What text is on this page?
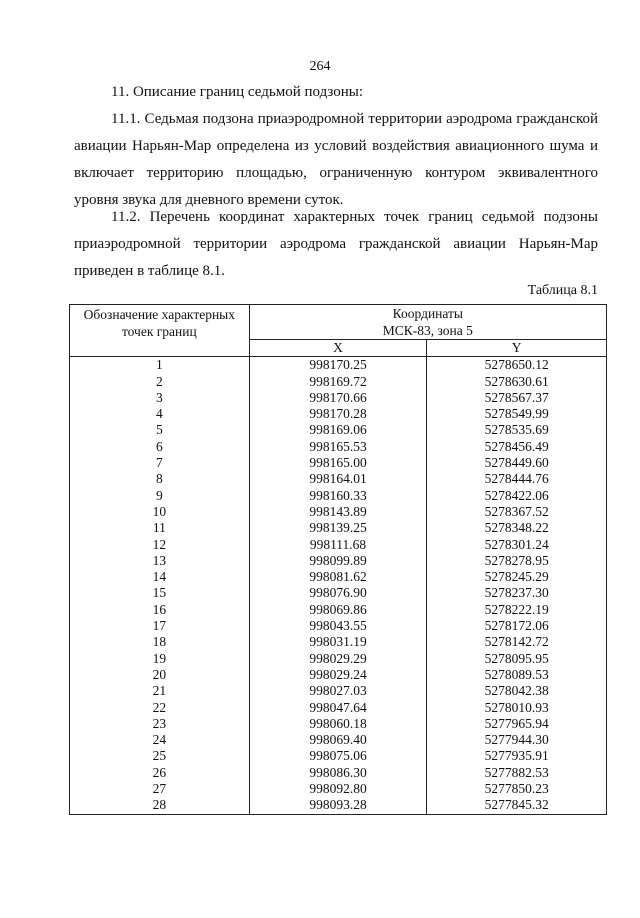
264

11. Описание границ седьмой подзоны:

11.1. Седьмая подзона приаэродромной территории аэродрома гражданской авиации Нарьян-Мар определена из условий воздействия авиационного шума и включает территорию площадью, ограниченную контуром эквивалентного уровня звука для дневного времени суток.

11.2. Перечень координат характерных точек границ седьмой подзоны приаэродромной территории аэродрома гражданской авиации Нарьян-Мар приведен в таблице 8.1.

Таблица 8.1
Обозначение характерных точек границ	Координаты
МСК-83, зона 5	

	X	Y
1	998170.25	5278650.12
2	998169.72	5278630.61
3	998170.66	5278567.37
4	998170.28	5278549.99
5	998169.06	5278535.69
6	998165.53	5278456.49
7	998165.00	5278449.60
8	998164.01	5278444.76
9	998160.33	5278422.06
10	998143.89	5278367.52
11	998139.25	5278348.22
12	998111.68	5278301.24
13	998099.89	5278278.95
14	998081.62	5278245.29
15	998076.90	5278237.30
16	998069.86	5278222.19
17	998043.55	5278172.06
18	998031.19	5278142.72
19	998029.29	5278095.95
20	998029.24	5278089.53
21	998027.03	5278042.38
22	998047.64	5278010.93
23	998060.18	5277965.94
24	998069.40	5277944.30
25	998075.06	5277935.91
26	998086.30	5277882.53
27	998092.80	5277850.23
28	998093.28	5277845.32
